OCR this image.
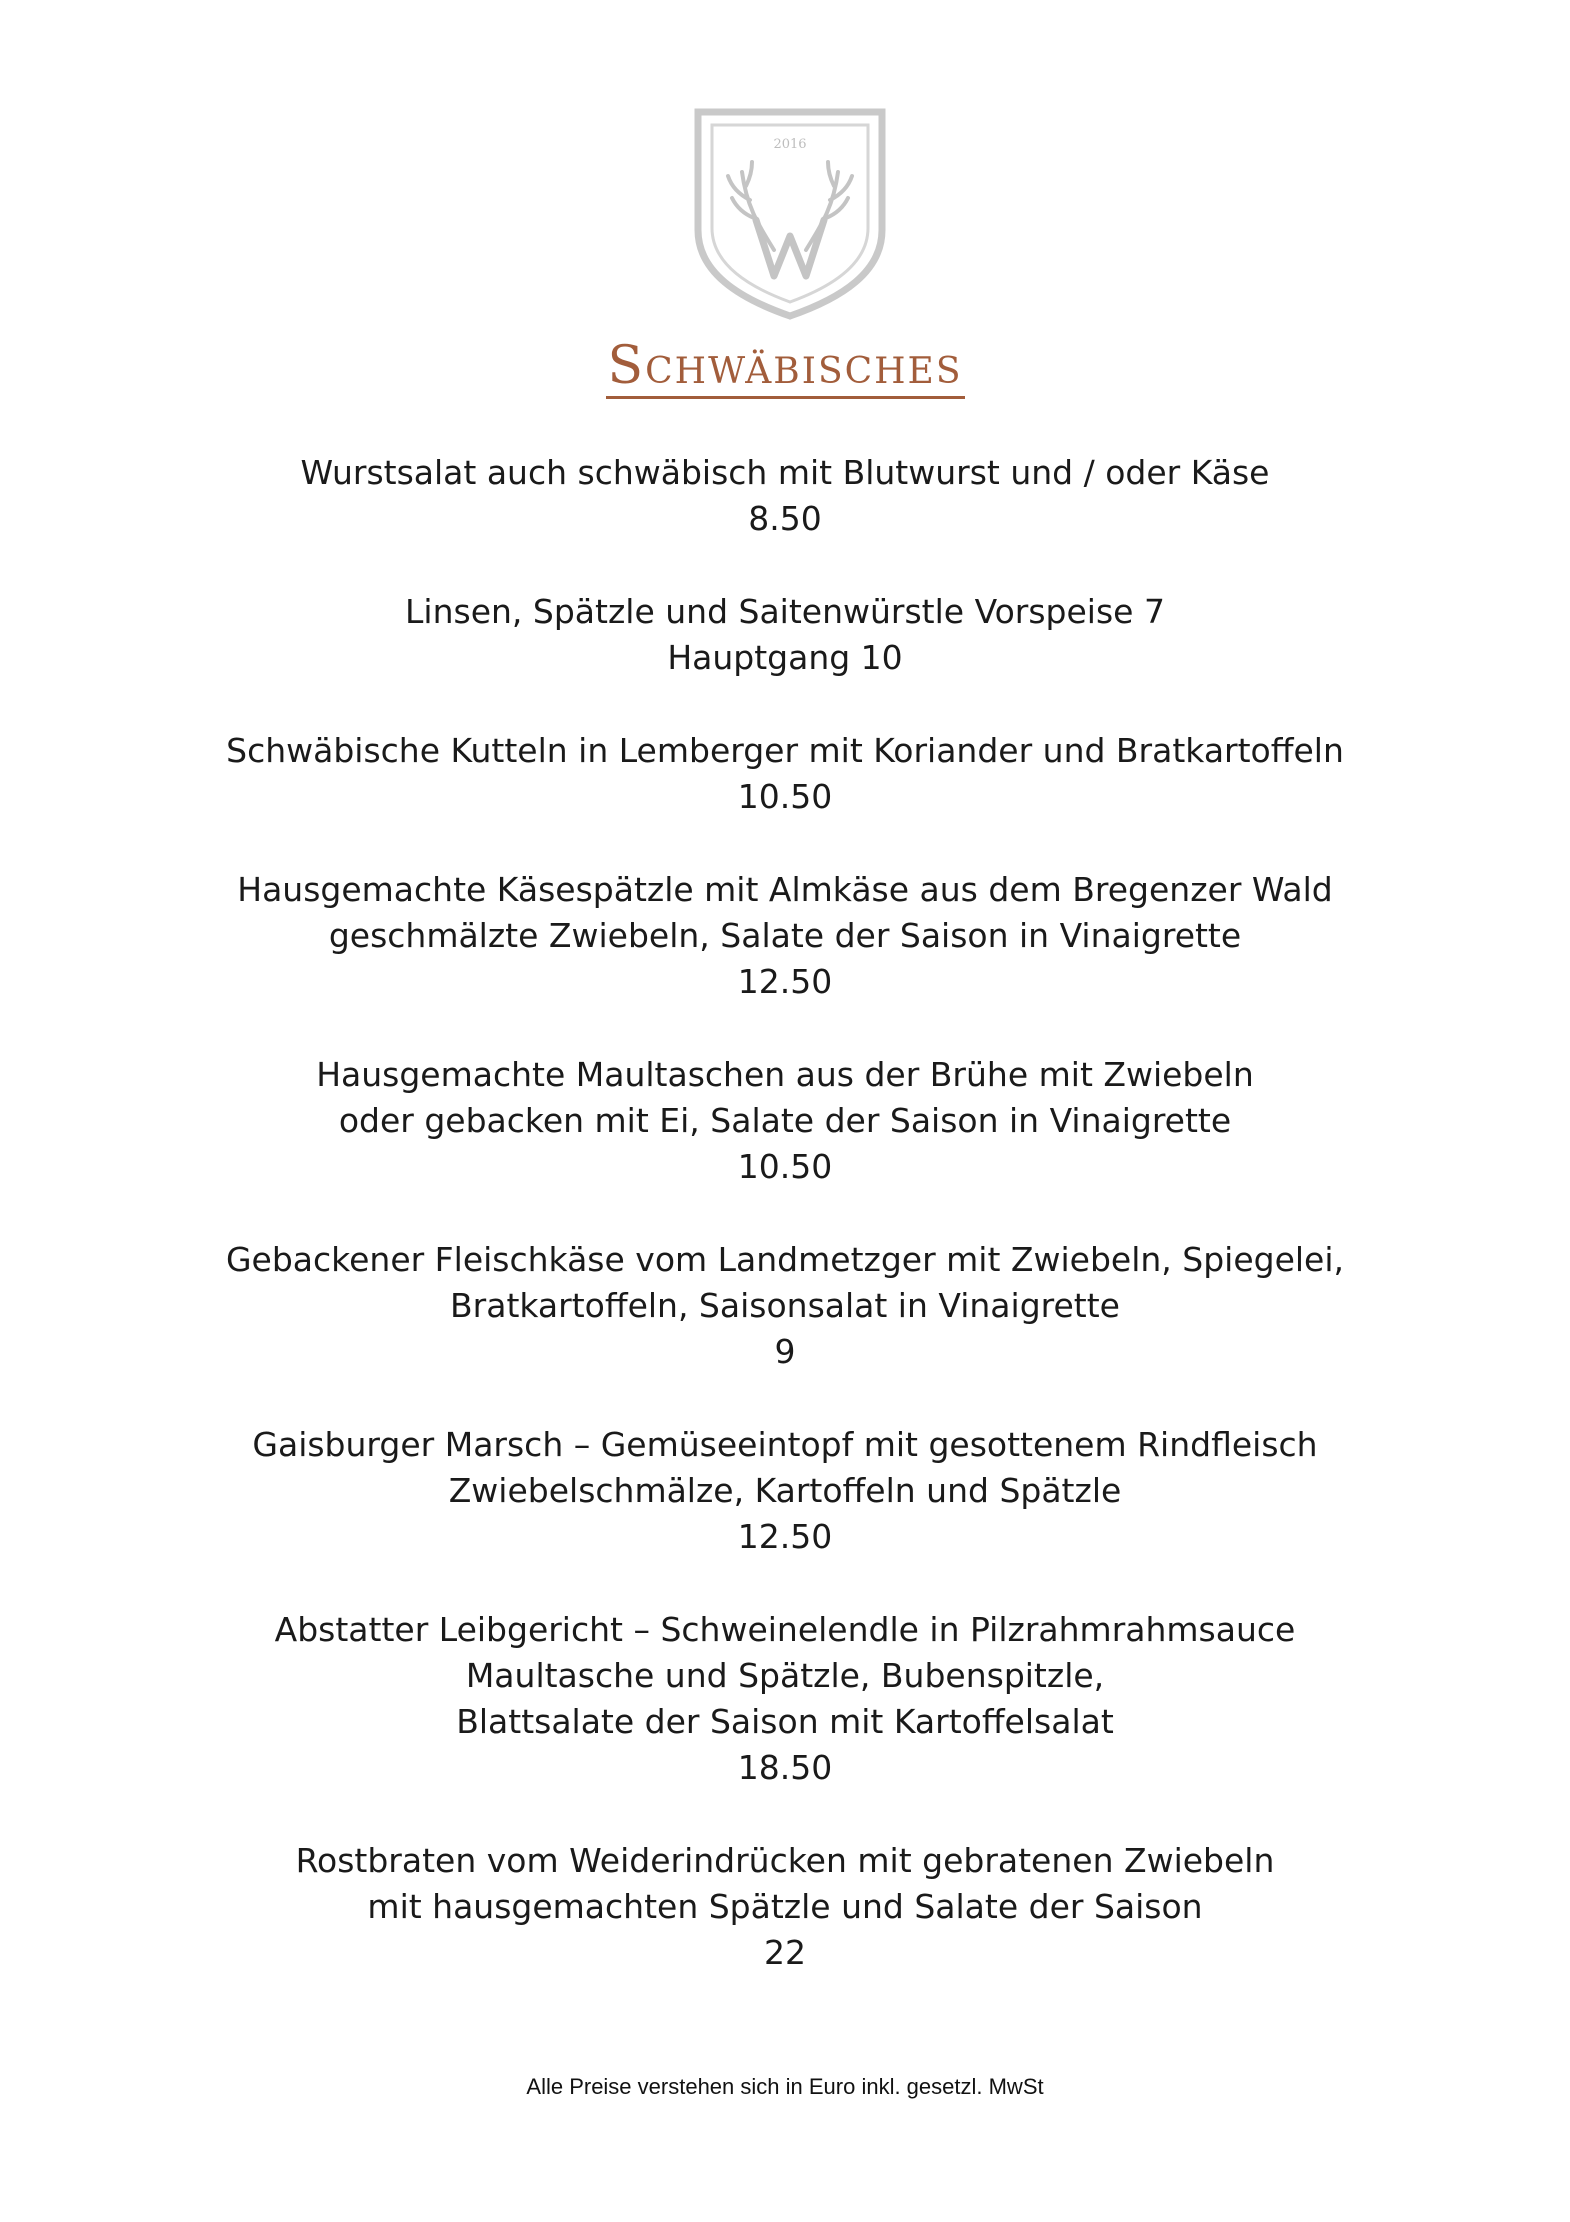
2016
Schwäbisches
Wurstsalat auch schwäbisch mit Blutwurst und / oder Käse
8.50
Linsen, Spätzle und Saitenwürstle Vorspeise 7
Hauptgang 10
Schwäbische Kutteln in Lemberger mit Koriander und Bratkartoffeln
10.50
Hausgemachte Käsespätzle mit Almkäse aus dem Bregenzer Wald
geschmälzte Zwiebeln, Salate der Saison in Vinaigrette
12.50
Hausgemachte Maultaschen aus der Brühe mit Zwiebeln
oder gebacken mit Ei, Salate der Saison in Vinaigrette
10.50
Gebackener Fleischkäse vom Landmetzger mit Zwiebeln, Spiegelei,
Bratkartoffeln, Saisonsalat in Vinaigrette
9
Gaisburger Marsch – Gemüseeintopf mit gesottenem Rindfleisch
Zwiebelschmälze, Kartoffeln und Spätzle
12.50
Abstatter Leibgericht – Schweinelendle in Pilzrahmrahmsauce
Maultasche und Spätzle, Bubenspitzle,
Blattsalate der Saison mit Kartoffelsalat
18.50
Rostbraten vom Weiderindrücken mit gebratenen Zwiebeln
mit hausgemachten Spätzle und Salate der Saison
22
Alle Preise verstehen sich in Euro inkl. gesetzl. MwSt
